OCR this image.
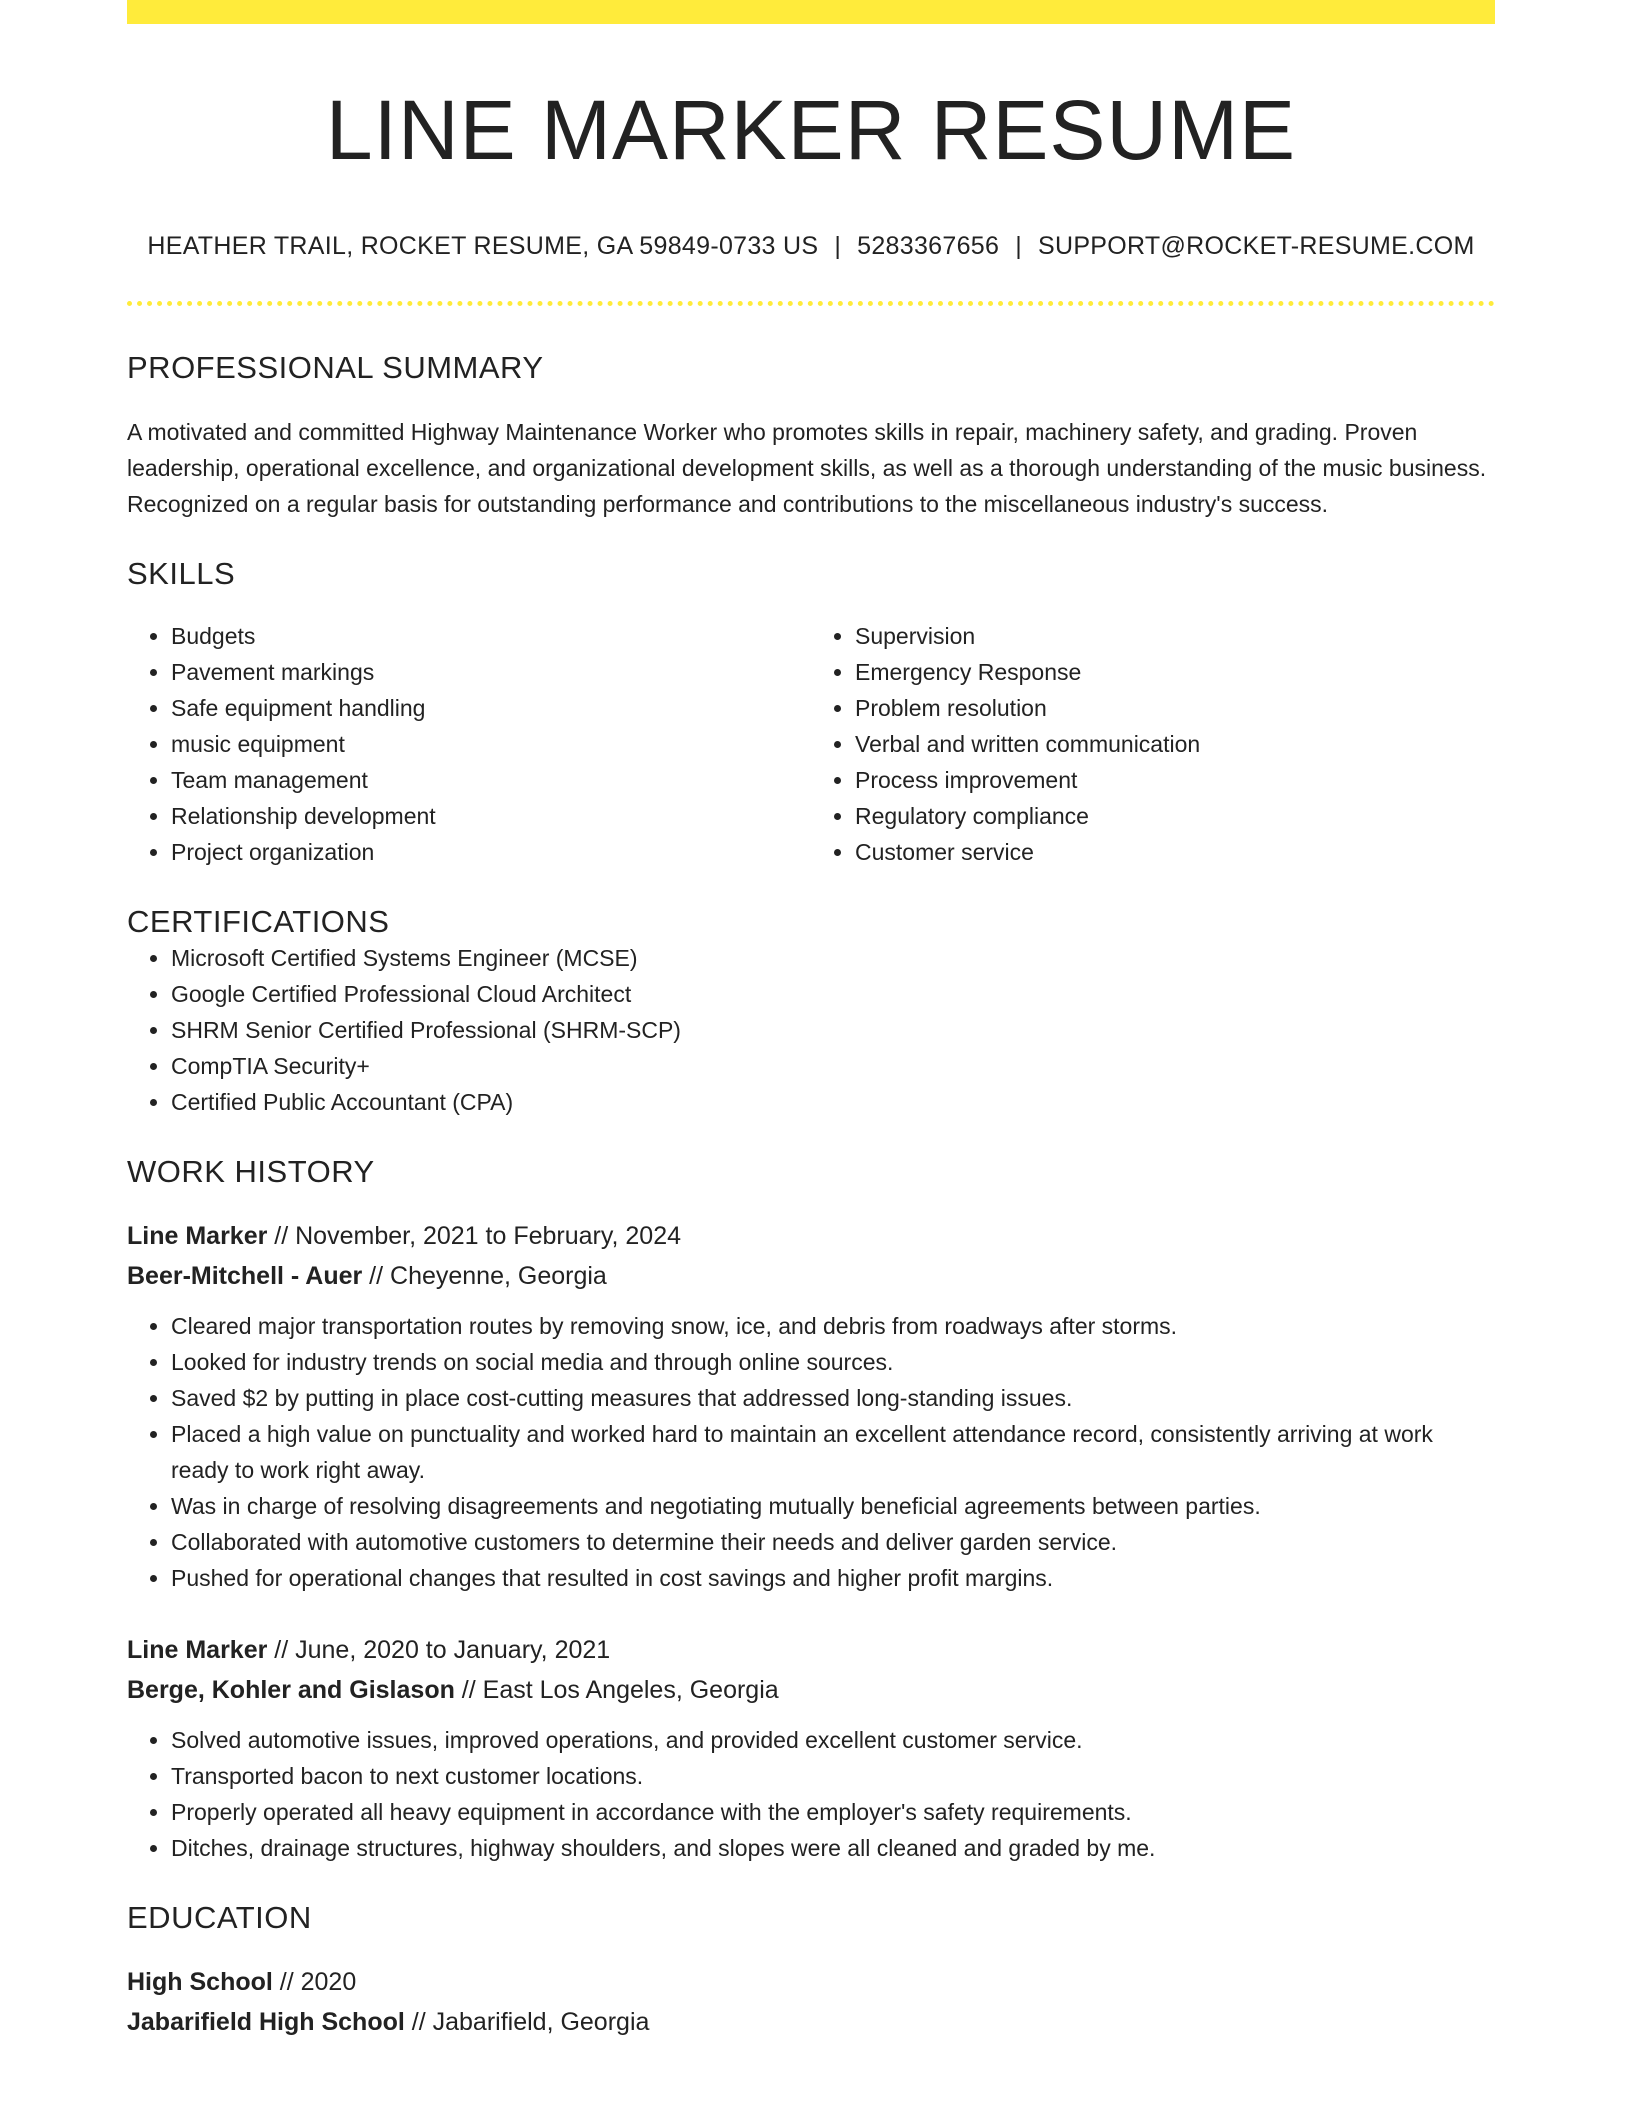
LINE MARKER RESUME
HEATHER TRAIL, ROCKET RESUME, GA 59849-0733 US | 5283367656 | SUPPORT@ROCKET-RESUME.COM
PROFESSIONAL SUMMARY

A motivated and committed Highway Maintenance Worker who promotes skills in repair, machinery safety, and grading. Proven leadership, operational excellence, and organizational development skills, as well as a thorough understanding of the music business. Recognized on a regular basis for outstanding performance and contributions to the miscellaneous industry's success.

SKILLS
• Budgets
• Pavement markings
• Safe equipment handling
• music equipment
• Team management
• Relationship development
• Project organization
• Supervision
• Emergency Response
• Problem resolution
• Verbal and written communication
• Process improvement
• Regulatory compliance
• Customer service
CERTIFICATIONS
• Microsoft Certified Systems Engineer (MCSE)
• Google Certified Professional Cloud Architect
• SHRM Senior Certified Professional (SHRM-SCP)
• CompTIA Security+
• Certified Public Accountant (CPA)
WORK HISTORY
Line Marker // November, 2021 to February, 2024
Beer-Mitchell - Auer // Cheyenne, Georgia
• Cleared major transportation routes by removing snow, ice, and debris from roadways after storms.
• Looked for industry trends on social media and through online sources.
• Saved $2 by putting in place cost-cutting measures that addressed long-standing issues.
• Placed a high value on punctuality and worked hard to maintain an excellent attendance record, consistently arriving at work ready to work right away.
• Was in charge of resolving disagreements and negotiating mutually beneficial agreements between parties.
• Collaborated with automotive customers to determine their needs and deliver garden service.
• Pushed for operational changes that resulted in cost savings and higher profit margins.
Line Marker // June, 2020 to January, 2021
Berge, Kohler and Gislason // East Los Angeles, Georgia
• Solved automotive issues, improved operations, and provided excellent customer service.
• Transported bacon to next customer locations.
• Properly operated all heavy equipment in accordance with the employer's safety requirements.
• Ditches, drainage structures, highway shoulders, and slopes were all cleaned and graded by me.
EDUCATION
High School // 2020
Jabarifield High School // Jabarifield, Georgia
